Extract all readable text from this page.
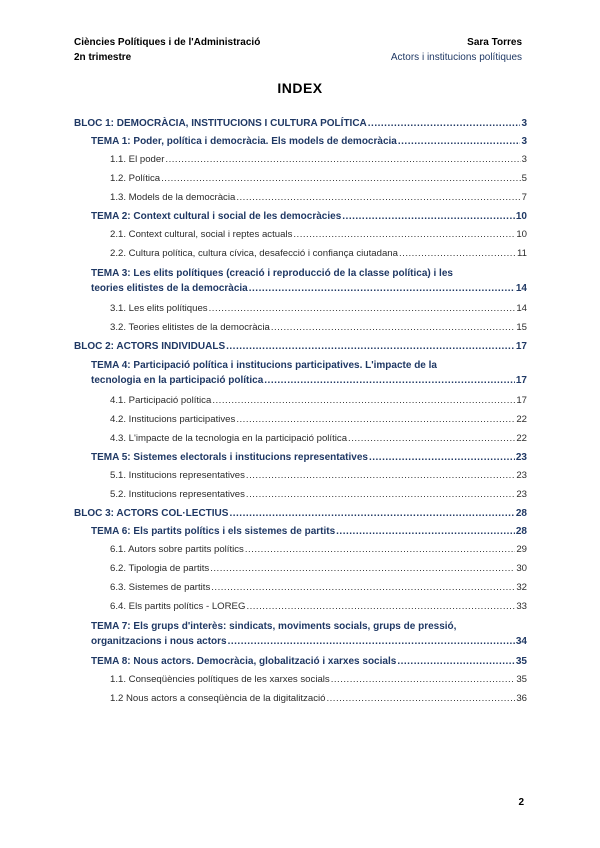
Ciències Polítiques i de l'Administració	Sara Torres
2n trimestre	Actors i institucions polítiques
INDEX
BLOC 1: DEMOCRÀCIA, INSTITUCIONS I CULTURA POLÍTICA .....	3
TEMA 1: Poder, política i democràcia. Els models de democràcia .....	3
1.1. El poder .....	3
1.2. Política .....	5
1.3. Models de la democràcia .....	7
TEMA 2: Context cultural i social de les democràcies .....	10
2.1. Context cultural, social i reptes actuals .....	10
2.2. Cultura política, cultura cívica, desafecció i confiança ciutadana .....	11
TEMA 3: Les elits polítiques (creació i reproducció de la classe política) i les
teories elitistes de la democràcia .....	14
3.1. Les elits polítiques .....	14
3.2. Teories elitistes de la democràcia .....	15
BLOC 2: ACTORS INDIVIDUALS .....	17
TEMA 4: Participació política i institucions participatives. L'impacte de la
tecnologia en la participació política .....	17
4.1. Participació política .....	17
4.2. Institucions participatives .....	22
4.3. L'impacte de la tecnologia en la participació política .....	22
TEMA 5: Sistemes electorals i institucions representatives .....	23
5.1. Institucions representatives .....	23
5.2. Institucions representatives .....	23
BLOC 3: ACTORS COL·LECTIUS .....	28
TEMA 6: Els partits polítics i els sistemes de partits .....	28
6.1. Autors sobre partits polítics .....	29
6.2. Tipologia de partits .....	30
6.3. Sistemes de partits .....	32
6.4. Els partits polítics - LOREG .....	33
TEMA 7: Els grups d'interès: sindicats, moviments socials, grups de pressió,
organitzacions i nous actors .....	34
TEMA 8: Nous actors. Democràcia, globalització i xarxes socials .....	35
1.1. Conseqüències polítiques de les xarxes socials .....	35
1.2 Nous actors a conseqüència de la digitalització .....	36
2
